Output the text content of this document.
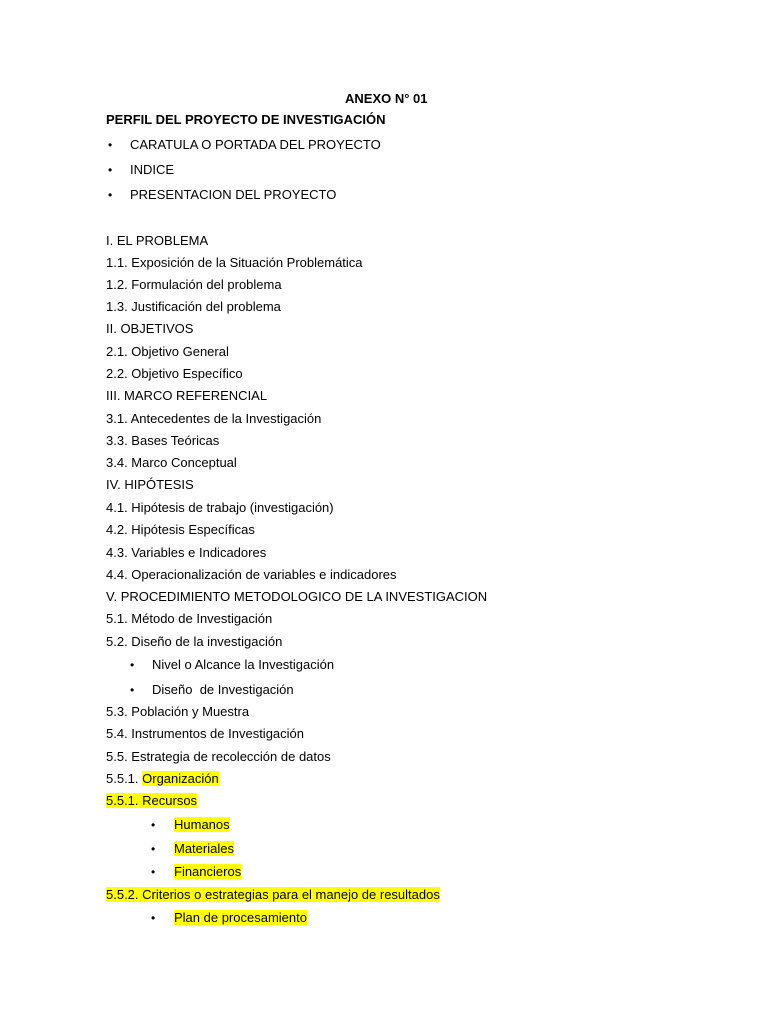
ANEXO N° 01
PERFIL DEL PROYECTO DE INVESTIGACIÓN
• CARATULA O PORTADA DEL PROYECTO
• INDICE
• PRESENTACION DEL PROYECTO
I. EL PROBLEMA
1.1. Exposición de la Situación Problemática
1.2. Formulación del problema
1.3. Justificación del problema
II. OBJETIVOS
2.1. Objetivo General
2.2. Objetivo Específico
III. MARCO REFERENCIAL
3.1. Antecedentes de la Investigación
3.3. Bases Teóricas
3.4. Marco Conceptual
IV. HIPÓTESIS
4.1. Hipótesis de trabajo (investigación)
4.2. Hipótesis Específicas
4.3. Variables e Indicadores
4.4. Operacionalización de variables e indicadores
V. PROCEDIMIENTO METODOLOGICO DE LA INVESTIGACION
5.1. Método de Investigación
5.2. Diseño de la investigación
• Nivel o Alcance la Investigación
• Diseño  de Investigación
5.3. Población y Muestra
5.4. Instrumentos de Investigación
5.5. Estrategia de recolección de datos
5.5.1. Organización
5.5.1. Recursos
• Humanos
• Materiales
• Financieros
5.5.2. Criterios o estrategias para el manejo de resultados
• Plan de procesamiento
